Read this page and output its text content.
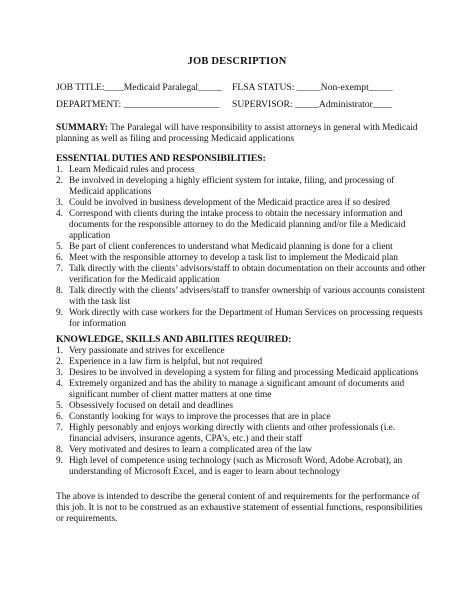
JOB DESCRIPTION
JOB TITLE:____Medicaid Paralegal_____ FLSA STATUS: _____Non-exempt_____
DEPARTMENT: ____________________ SUPERVISOR: _____Administrator____
SUMMARY: The Paralegal will have responsibility to assist attorneys in general with Medicaid planning as well as filing and processing Medicaid applications
ESSENTIAL DUTIES AND RESPONSIBILITIES:
1. Learn Medicaid rules and process
2. Be involved in developing a highly efficient system for intake, filing, and processing of Medicaid applications
3. Could be involved in business development of the Medicaid practice area if so desired
4. Correspond with clients during the intake process to obtain the necessary information and documents for the responsible attorney to do the Medicaid planning and/or file a Medicaid application
5. Be part of client conferences to understand what Medicaid planning is done for a client
6. Meet with the responsible attorney to develop a task list to implement the Medicaid plan
7. Talk directly with the clients’ advisors/staff to obtain documentation on their accounts and other verification for the Medicaid application
8. Talk directly with the clients’ advisers/staff to transfer ownership of various accounts consistent with the task list
9. Work directly with case workers for the Department of Human Services on processing requests for information
KNOWLEDGE, SKILLS AND ABILITIES REQUIRED:
1. Very passionate and strives for excellence
2. Experience in a law firm is helpful, but not required
3. Desires to be involved in developing a system for filing and processing Medicaid applications
4. Extremely organized and has the ability to manage a significant amount of documents and significant number of client matter matters at one time
5. Obsessively focused on detail and deadlines
6. Constantly looking for ways to improve the processes that are in place
7. Highly personably and enjoys working directly with clients and other professionals (i.e. financial advisers, insurance agents, CPA’s, etc.) and their staff
8. Very motivated and desires to learn a complicated area of the law
9. High level of competence using technology (such as Microsoft Word, Adobe Acrobat), an understanding of Microsoft Excel, and is eager to learn about technology
The above is intended to describe the general content of and requirements for the performance of this job. It is not to be construed as an exhaustive statement of essential functions, responsibilities or requirements.
